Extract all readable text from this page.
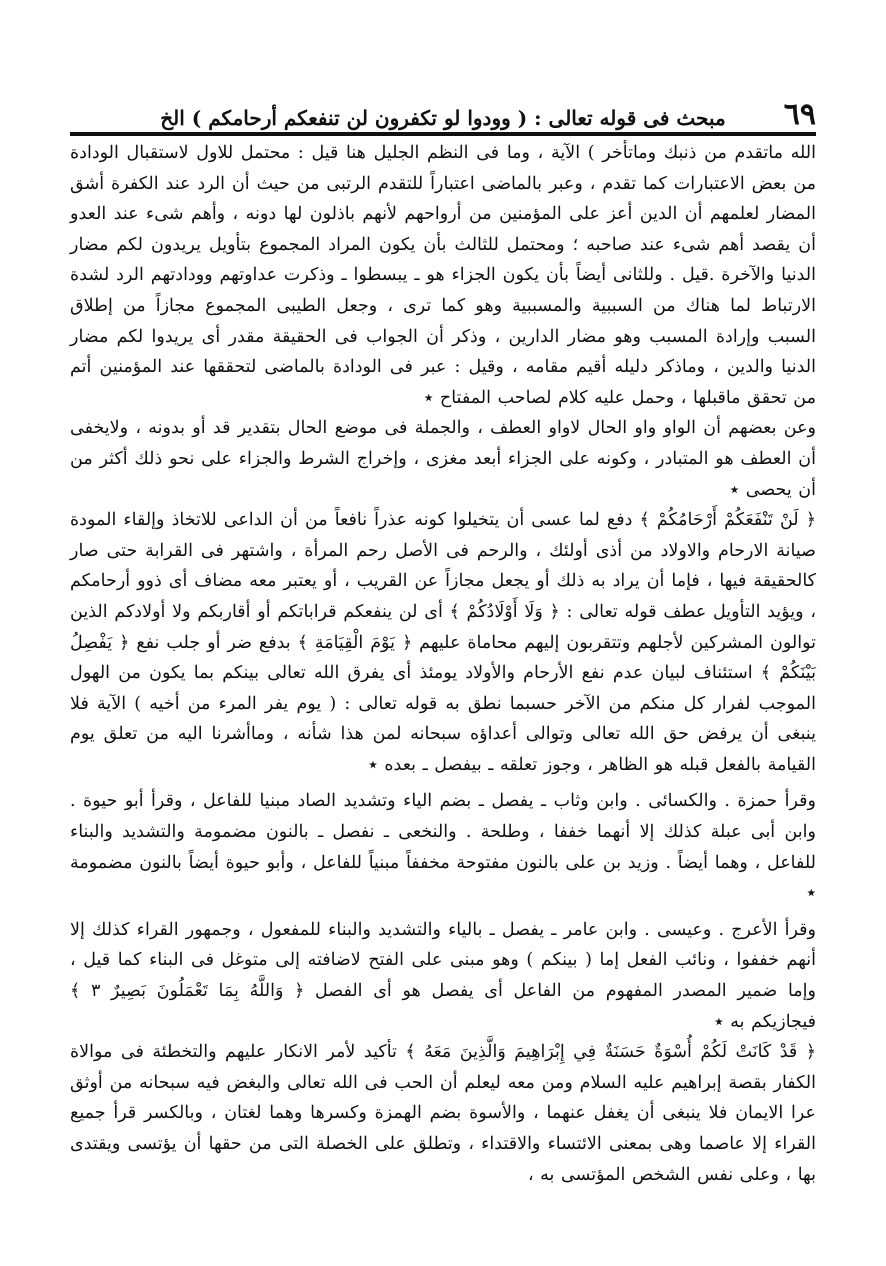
٦٩
مبحث فى قوله تعالى : ( وودوا لو تكفرون لن تنفعكم أرحامكم ) الخ

الله ماتقدم من ذنبك وماتأخر ) الآية ، وما فى النظم الجليل هنا قيل : محتمل للاول لاستقبال الودادة من بعض الاعتبارات كما تقدم ، وعبر بالماضى اعتباراً للتقدم الرتبى من حيث أن الرد عند الكفرة أشق المضار لعلمهم أن الدين أعز على المؤمنين من أرواحهم لأنهم باذلون لها دونه ، وأهم شىء عند العدو أن يقصد أهم شىء عند صاحبه ؛ ومحتمل للثالث بأن يكون المراد المجموع بتأويل يريدون لكم مضار الدنيا والآخرة .قيل . وللثانى أيضاً بأن يكون الجزاء هو ـ يبسطوا ـ وذكرت عداوتهم وودادتهم الرد لشدة الارتباط لما هناك من السببية والمسببية وهو كما ترى ، وجعل الطيبى المجموع مجازاً من إطلاق السبب وإرادة المسبب وهو مضار الدارين ، وذكر أن الجواب فى الحقيقة مقدر أى يريدوا لكم مضار الدنيا والدين ، وماذكر دليله أقيم مقامه ، وقيل : عبر فى الودادة بالماضى لتحققها عند المؤمنين أتم من تحقق ماقبلها ، وحمل عليه كلام لصاحب المفتاح ٭

وعن بعضهم أن الواو واو الحال لاواو العطف ، والجملة فى موضع الحال بتقدير قد أو بدونه ، ولايخفى أن العطف هو المتبادر ، وكونه على الجزاء أبعد مغزى ، وإخراج الشرط والجزاء على نحو ذلك أكثر من أن يحصى ٭

﴿ لَنْ تَنْفَعَكُمْ أَرْحَامُكُمْ ﴾ دفع لما عسى أن يتخيلوا كونه عذراً نافعاً من أن الداعى للاتخاذ وإلقاء المودة صيانة الارحام والاولاد من أذى أولئك ، والرحم فى الأصل رحم المرأة ، واشتهر فى القرابة حتى صار كالحقيقة فيها ، فإما أن يراد به ذلك أو يجعل مجازاً عن القريب ، أو يعتبر معه مضاف أى ذوو أرحامكم ، ويؤيد التأويل عطف قوله تعالى : ﴿ وَلَا أَوْلَادُكُمْ ﴾ أى لن ينفعكم قراباتكم أو أقاربكم ولا أولادكم الذين توالون المشركين لأجلهم وتتقربون إليهم محاماة عليهم ﴿ يَوْمَ الْقِيَامَةِ ﴾ بدفع ضر أو جلب نفع ﴿ يَفْصِلُ بَيْنَكُمْ ﴾ استئناف لبيان عدم نفع الأرحام والأولاد يومئذ أى يفرق الله تعالى بينكم بما يكون من الهول الموجب لفرار كل منكم من الآخر حسبما نطق به قوله تعالى : ( يوم يفر المرء من أخيه ) الآية فلا ينبغى أن يرفض حق الله تعالى وتوالى أعداؤه سبحانه لمن هذا شأنه ، وماأشرنا اليه من تعلق يوم القيامة بالفعل قبله هو الظاهر ، وجوز تعلقه ـ بيفصل ـ بعده ٭

وقرأ حمزة . والكسائى . وابن وثاب ـ يفصل ـ بضم الياء وتشديد الصاد مبنيا للفاعل ، وقرأ أبو حيوة . وابن أبى عبلة كذلك إلا أنهما خففا ، وطلحة . والنخعى ـ نفصل ـ بالنون مضمومة والتشديد والبناء للفاعل ، وهما أيضاً . وزيد بن على بالنون مفتوحة مخففاً مبنياً للفاعل ، وأبو حيوة أيضاً بالنون مضمومة ٭

وقرأ الأعرج . وعيسى . وابن عامر ـ يفصل ـ بالياء والتشديد والبناء للمفعول ، وجمهور القراء كذلك إلا أنهم خففوا ، ونائب الفعل إما ( بينكم ) وهو مبنى على الفتح لاضافته إلى متوغل فى البناء كما قيل ، وإما ضمير المصدر المفهوم من الفاعل أى يفصل هو أى الفصل ﴿ وَاللَّهُ بِمَا تَعْمَلُونَ بَصِيرٌ ٣ ﴾ فيجازيكم به ٭

﴿ قَدْ كَانَتْ لَكُمْ أُسْوَةٌ حَسَنَةٌ فِي إِبْرَاهِيمَ وَالَّذِينَ مَعَهُ ﴾ تأكيد لأمر الانكار عليهم والتخطئة فى موالاة الكفار بقصة إبراهيم عليه السلام ومن معه ليعلم أن الحب فى الله تعالى والبغض فيه سبحانه من أوثق عرا الايمان فلا ينبغى أن يغفل عنهما ، والأسوة بضم الهمزة وكسرها وهما لغتان ، وبالكسر قرأ جميع القراء إلا عاصما وهى بمعنى الائتساء والاقتداء ، وتطلق على الخصلة التى من حقها أن يؤتسى ويقتدى بها ، وعلى نفس الشخص المؤتسى به ،
